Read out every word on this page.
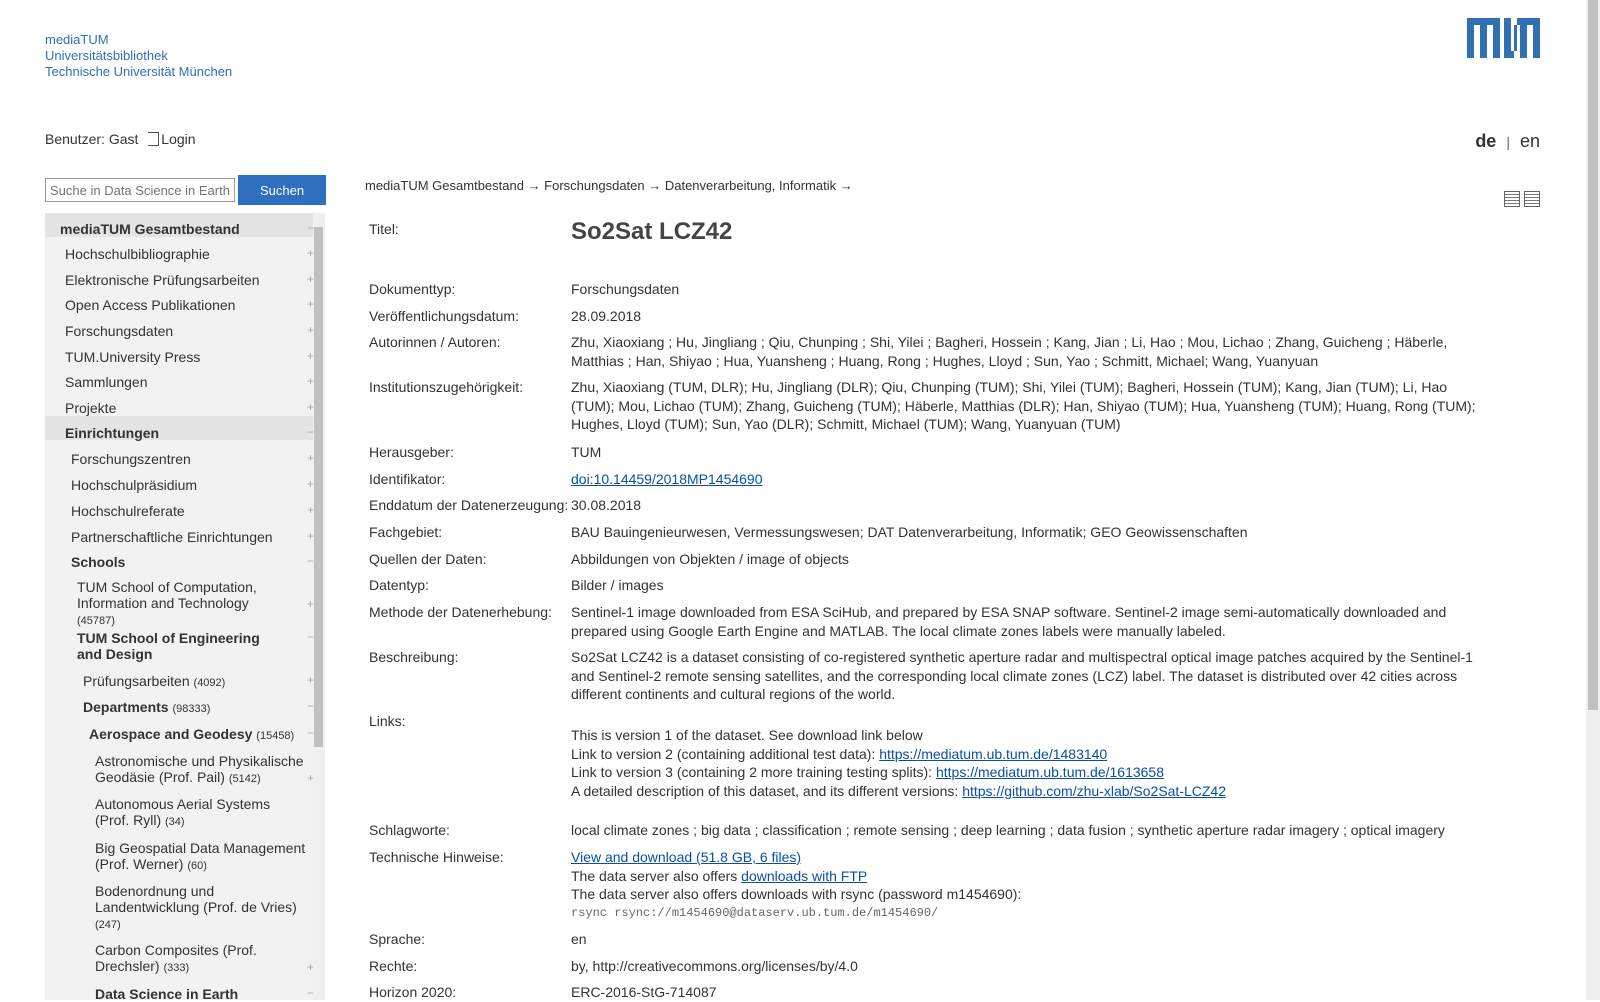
mediaTUM
Universitätsbibliothek
Technische Universität München
Benutzer: Gast Login	de | en
Suche in Data Science in Earth
Suchen
mediaTUM Gesamtbestand	−
Hochschulbibliographie	+
Elektronische Prüfungsarbeiten	+
Open Access Publikationen	+
Forschungsdaten	+
TUM.University Press	+
Sammlungen	+
Projekte	+
Einrichtungen	−
Forschungszentren	+
Hochschulpräsidium	+
Hochschulreferate	+
Partnerschaftliche Einrichtungen	+
Schools	−
TUM School of Computation, Information and Technology (45787)
+
TUM School of Engineering and Design
−
Prüfungsarbeiten (4092)	+
Departments (98333)	−
Aerospace and Geodesy (15458) −
Astronomische und Physikalische Geodäsie (Prof. Pail) (5142)	+
Autonomous Aerial Systems (Prof. Ryll) (34)
Big Geospatial Data Management (Prof. Werner) (60)
Bodenordnung und Landentwicklung (Prof. de Vries) (247)
Carbon Composites (Prof. Drechsler) (333)	+
Data Science in Earth	−
mediaTUM Gesamtbestand → Forschungsdaten → Datenverarbeitung, Informatik →
Titel:	So2Sat LCZ42
Dokumenttyp:	Forschungsdaten
Veröffentlichungsdatum:	28.09.2018
Autorinnen / Autoren:	Zhu, Xiaoxiang ; Hu, Jingliang ; Qiu, Chunping ; Shi, Yilei ; Bagheri, Hossein ; Kang, Jian ; Li, Hao ; Mou, Lichao ; Zhang, Guicheng ; Häberle, Matthias ; Han, Shiyao ; Hua, Yuansheng ; Huang, Rong ; Hughes, Lloyd ; Sun, Yao ; Schmitt, Michael; Wang, Yuanyuan
Institutionszugehörigkeit:	Zhu, Xiaoxiang (TUM, DLR); Hu, Jingliang (DLR); Qiu, Chunping (TUM); Shi, Yilei (TUM); Bagheri, Hossein (TUM); Kang, Jian (TUM); Li, Hao (TUM); Mou, Lichao (TUM); Zhang, Guicheng (TUM); Häberle, Matthias (DLR); Han, Shiyao (TUM); Hua, Yuansheng (TUM); Huang, Rong (TUM); Hughes, Lloyd (TUM); Sun, Yao (DLR); Schmitt, Michael (TUM); Wang, Yuanyuan (TUM)
Herausgeber:	TUM
Identifikator:	doi:10.14459/2018MP1454690
Enddatum der Datenerzeugung: 30.08.2018
Fachgebiet:	BAU Bauingenieurwesen, Vermessungswesen; DAT Datenverarbeitung, Informatik; GEO Geowissenschaften
Quellen der Daten:	Abbildungen von Objekten / image of objects
Datentyp:	Bilder / images
Methode der Datenerhebung: Sentinel-1 image downloaded from ESA SciHub, and prepared by ESA SNAP software. Sentinel-2 image semi-automatically downloaded and prepared using Google Earth Engine and MATLAB. The local climate zones labels were manually labeled.
Beschreibung:	So2Sat LCZ42 is a dataset consisting of co-registered synthetic aperture radar and multispectral optical image patches acquired by the Sentinel-1 and Sentinel-2 remote sensing satellites, and the corresponding local climate zones (LCZ) label. The dataset is distributed over 42 cities across different continents and cultural regions of the world.
Links:
This is version 1 of the dataset. See download link below
Link to version 2 (containing additional test data): https://mediatum.ub.tum.de/1483140
Link to version 3 (containing 2 more training testing splits): https://mediatum.ub.tum.de/1613658
A detailed description of this dataset, and its different versions: https://github.com/zhu-xlab/So2Sat-LCZ42
Schlagworte:	local climate zones ; big data ; classification ; remote sensing ; deep learning ; data fusion ; synthetic aperture radar imagery ; optical imagery
Technische Hinweise:	View and download (51.8 GB, 6 files)
The data server also offers downloads with FTP
The data server also offers downloads with rsync (password m1454690):
rsync rsync://m1454690@dataserv.ub.tum.de/m1454690/
Sprache:	en
Rechte:	by, http://creativecommons.org/licenses/by/4.0
Horizon 2020:	ERC-2016-StG-714087
